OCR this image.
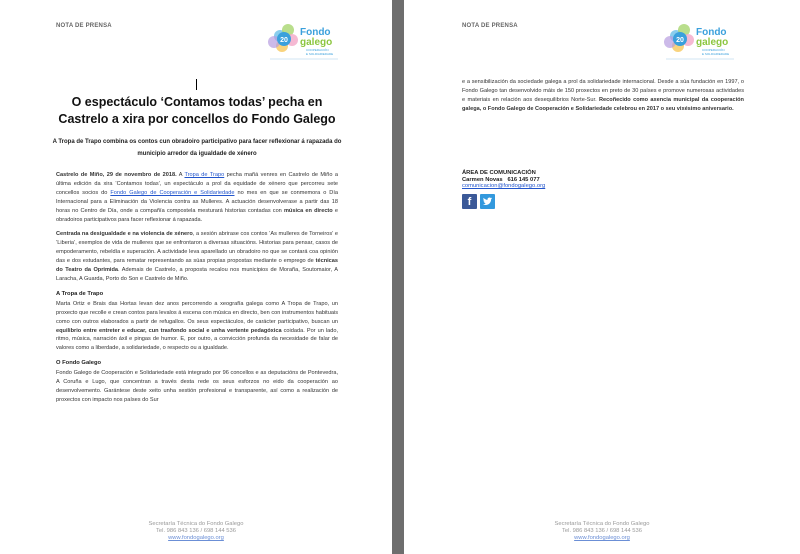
NOTA DE PRENSA
20
Fondo
galego
COOPERACIÓN
E SOLIDARIEDADE
O espectáculo ‘Contamos todas’ pecha en Castrelo a xira por concellos do Fondo Galego
A Tropa de Trapo combina os contos cun obradoiro participativo para facer reflexionar á rapazada do municipio arredor da igualdade de xénero
NOTA DE PRENSA
20
Fondo
galego
COOPERACIÓN
E SOLIDARIEDADE

Castrelo de Miño, 29 de novembro de 2018. A Tropa de Trapo pecha mañá venres en Castrelo de Miño a última edición da xira ‘Contamos todas’, un espectáculo a prol da equidade de xénero que percorreu sete concellos socios do Fondo Galego de Cooperación e Solidariedade no mes en que se conmemora o Día Internacional para a Eliminación da Violencia contra as Mulleres. A actuación desenvolverase a partir das 18 horas no Centro de Día, onde a compañía compostela mesturará historias contadas con música en directo e obradoiros participativos para facer reflexionar á rapazada.

Centrada na desigualdade e na violencia de xénero, a sesión abrirase cos contos ‘As mulleres de Torneiros’ e ‘Liberia’, exemplos de vida de mulleres que se enfrontaron a diversas situacións. Historias para pensar, casos de empoderamento, rebeldía e superación. A actividade leva aparellado un obradoiro no que se contará coa opinión das e dos estudantes, para rematar representando as súas propias propostas mediante o emprego de técnicas do Teatro da Oprimida. Ademais de Castrelo, a proposta recalou nos municipios de Moraña, Soutomaior, A Laracha, A Guarda, Porto do Son e Castrelo de Miño.

A Tropa de Trapo

Marta Ortiz e Brais das Hortas levan dez anos percorrendo a xeografía galega como A Tropa de Trapo, un proxecto que recolle e crean contos para levalos á escena con música en directo, ben con instrumentos habituais como con outros elaborados a partir de refugallos. Os seus espectáculos, de carácter participativo, buscan un equilibrio entre entreter e educar, cun trasfondo social e unha vertente pedagóxica coidada. Por un lado, ritmo, música, narración áxil e pingas de humor. E, por outro, a convicción profunda da necesidade de falar de valores como a liberdade, a solidariedade, o respecto ou a igualdade.

O Fondo Galego

Fondo Galego de Cooperación e Solidariedade está integrado por 96 concellos e as deputacións de Pontevedra, A Coruña e Lugo, que concentran a través desta rede os seus esforzos no eido da cooperación ao desenvolvemento. Garántese deste xeito unha xestión profesional e transparente, así como a realización de proxectos con impacto nos países do Sur

Secretaría Técnica do Fondo Galego
Tel. 986 843 136 / 698 144 536
www.fondogalego.org

e a sensibilización da sociedade galega a prol da solidariedade internacional. Desde a súa fundación en 1997, o Fondo Galego tan desenvolvido máis de 150 proxectos en preto de 30 países e promove numerosas actividades e materiais en relación aos desequilibrios Norte-Sur. Recoñecido como axencia municipal da cooperación galega, o Fondo Galego de Cooperación e Solidariedade celebrou en 2017 o seu vixésimo aniversario.

ÁREA DE COMUNICACIÓN
Carmen Novas 616 145 077
comunicacion@fondogalego.org
f
Secretaría Técnica do Fondo Galego
Tel. 986 843 136 / 698 144 536
www.fondogalego.org
